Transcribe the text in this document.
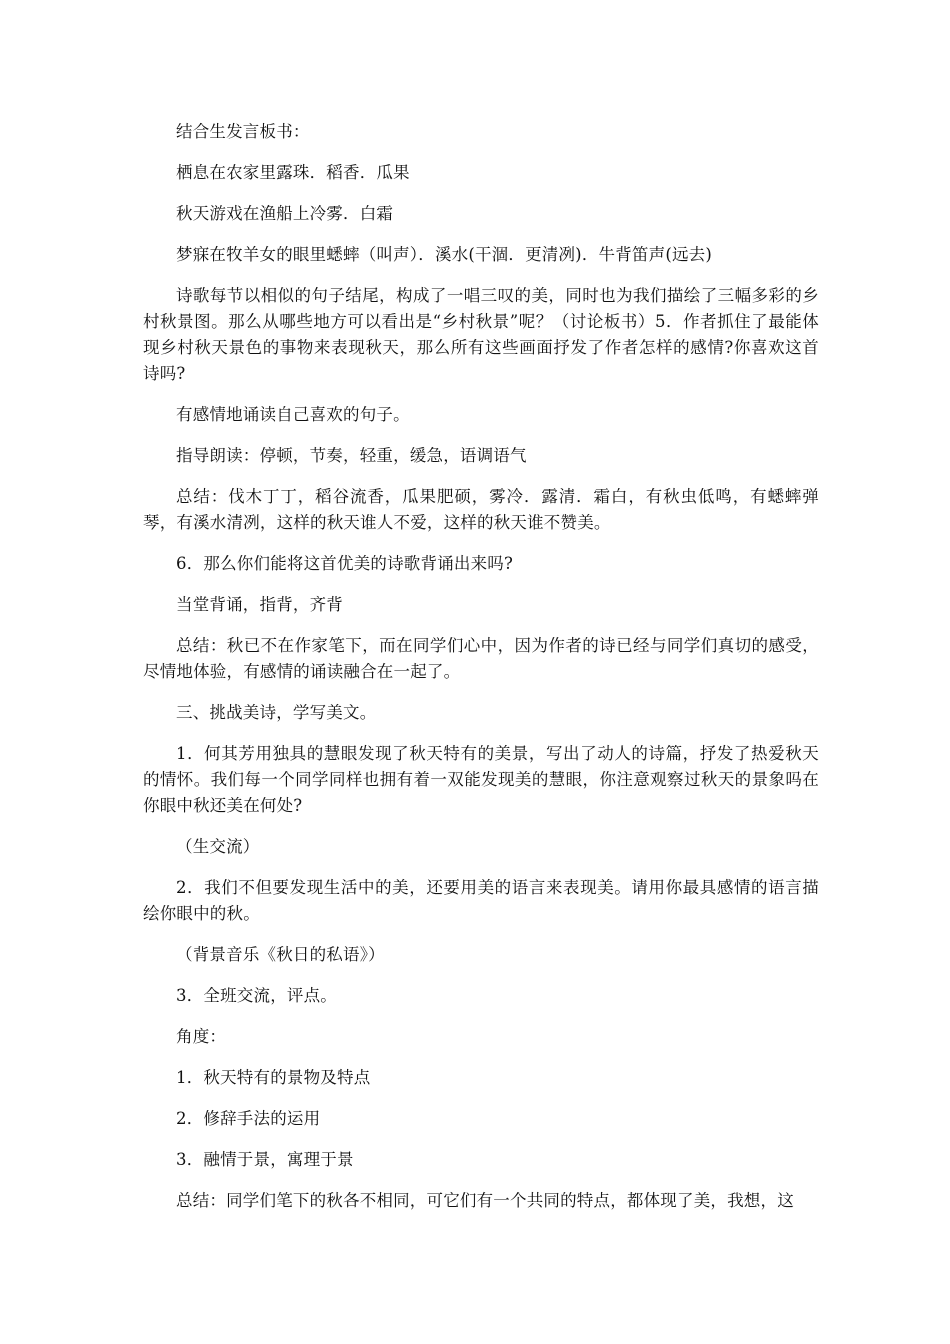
结合生发言板书：

栖息在农家里露珠．稻香．瓜果

秋天游戏在渔船上冷雾．白霜

梦寐在牧羊女的眼里蟋蟀（叫声）．溪水(干涸．更清冽)．牛背笛声(远去)

诗歌每节以相似的句子结尾，构成了一唱三叹的美，同时也为我们描绘了三幅多彩的乡村秋景图。那么从哪些地方可以看出是“乡村秋景”呢？（讨论板书）5．作者抓住了最能体现乡村秋天景色的事物来表现秋天，那么所有这些画面抒发了作者怎样的感情?你喜欢这首诗吗?

有感情地诵读自己喜欢的句子。

指导朗读：停顿，节奏，轻重，缓急，语调语气

总结：伐木丁丁，稻谷流香，瓜果肥硕，雾冷．露清．霜白，有秋虫低鸣，有蟋蟀弹琴，有溪水清冽，这样的秋天谁人不爱，这样的秋天谁不赞美。

6．那么你们能将这首优美的诗歌背诵出来吗?

当堂背诵，指背，齐背

总结：秋已不在作家笔下，而在同学们心中，因为作者的诗已经与同学们真切的感受，尽情地体验，有感情的诵读融合在一起了。

三、挑战美诗，学写美文。

1．何其芳用独具的慧眼发现了秋天特有的美景，写出了动人的诗篇，抒发了热爱秋天的情怀。我们每一个同学同样也拥有着一双能发现美的慧眼，你注意观察过秋天的景象吗在你眼中秋还美在何处?

（生交流）

2．我们不但要发现生活中的美，还要用美的语言来表现美。请用你最具感情的语言描绘你眼中的秋。

（背景音乐《秋日的私语》）

3．全班交流，评点。

角度：

1．秋天特有的景物及特点

2．修辞手法的运用

3．融情于景，寓理于景

总结：同学们笔下的秋各不相同，可它们有一个共同的特点，都体现了美，我想，这
